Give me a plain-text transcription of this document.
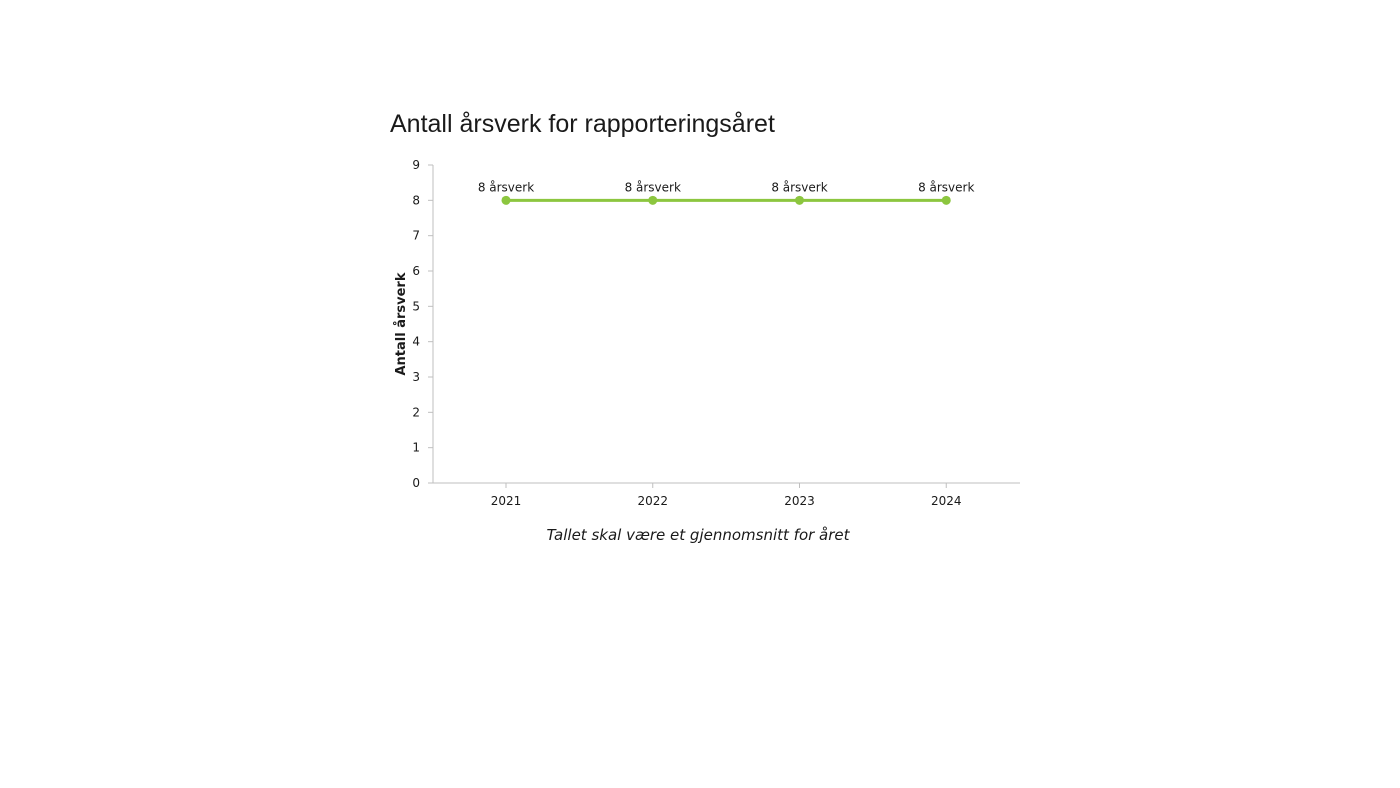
Antall årsverk for rapporteringsåret
0
1
2
3
4
5
6
7
8
9
2021	2022	2023	2024
Antall årsverk
8 årsverk	8 årsverk	8 årsverk	8 årsverk
Tallet skal være et gjennomsnitt for året
